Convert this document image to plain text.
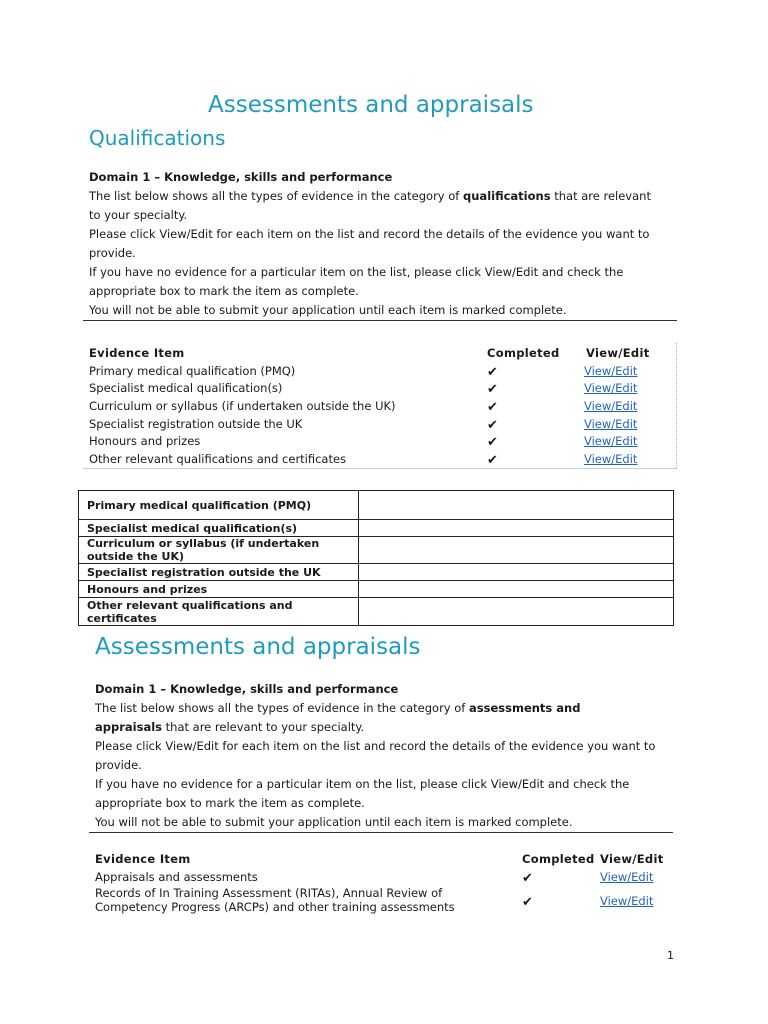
Assessments and appraisals
Qualifications
Domain 1 – Knowledge, skills and performance
The list below shows all the types of evidence in the category of qualifications that are relevant
to your specialty.
Please click View/Edit for each item on the list and record the details of the evidence you want to
provide.
If you have no evidence for a particular item on the list, please click View/Edit and check the
appropriate box to mark the item as complete.
You will not be able to submit your application until each item is marked complete.
Evidence Item	Completed View/Edit
Primary medical qualification (PMQ)	✔	View/Edit
Specialist medical qualification(s)	✔	View/Edit
Curriculum or syllabus (if undertaken outside the UK)	✔	View/Edit
Specialist registration outside the UK	✔	View/Edit
Honours and prizes	✔	View/Edit
Other relevant qualifications and certificates	✔	View/Edit
Primary medical qualification (PMQ)	
Specialist medical qualification(s)	
Curriculum or syllabus (if undertaken
outside the UK)	
Specialist registration outside the UK	
Honours and prizes	
Other relevant qualifications and
certificates	
Assessments and appraisals
Domain 1 – Knowledge, skills and performance
The list below shows all the types of evidence in the category of assessments and
appraisals that are relevant to your specialty.
Please click View/Edit for each item on the list and record the details of the evidence you want to
provide.
If you have no evidence for a particular item on the list, please click View/Edit and check the
appropriate box to mark the item as complete.
You will not be able to submit your application until each item is marked complete.
Evidence Item	Completed View/Edit
Appraisals and assessments	✔	View/Edit
Records of In Training Assessment (RITAs), Annual Review of
Competency Progress (ARCPs) and other training assessments	✔	View/Edit
1
